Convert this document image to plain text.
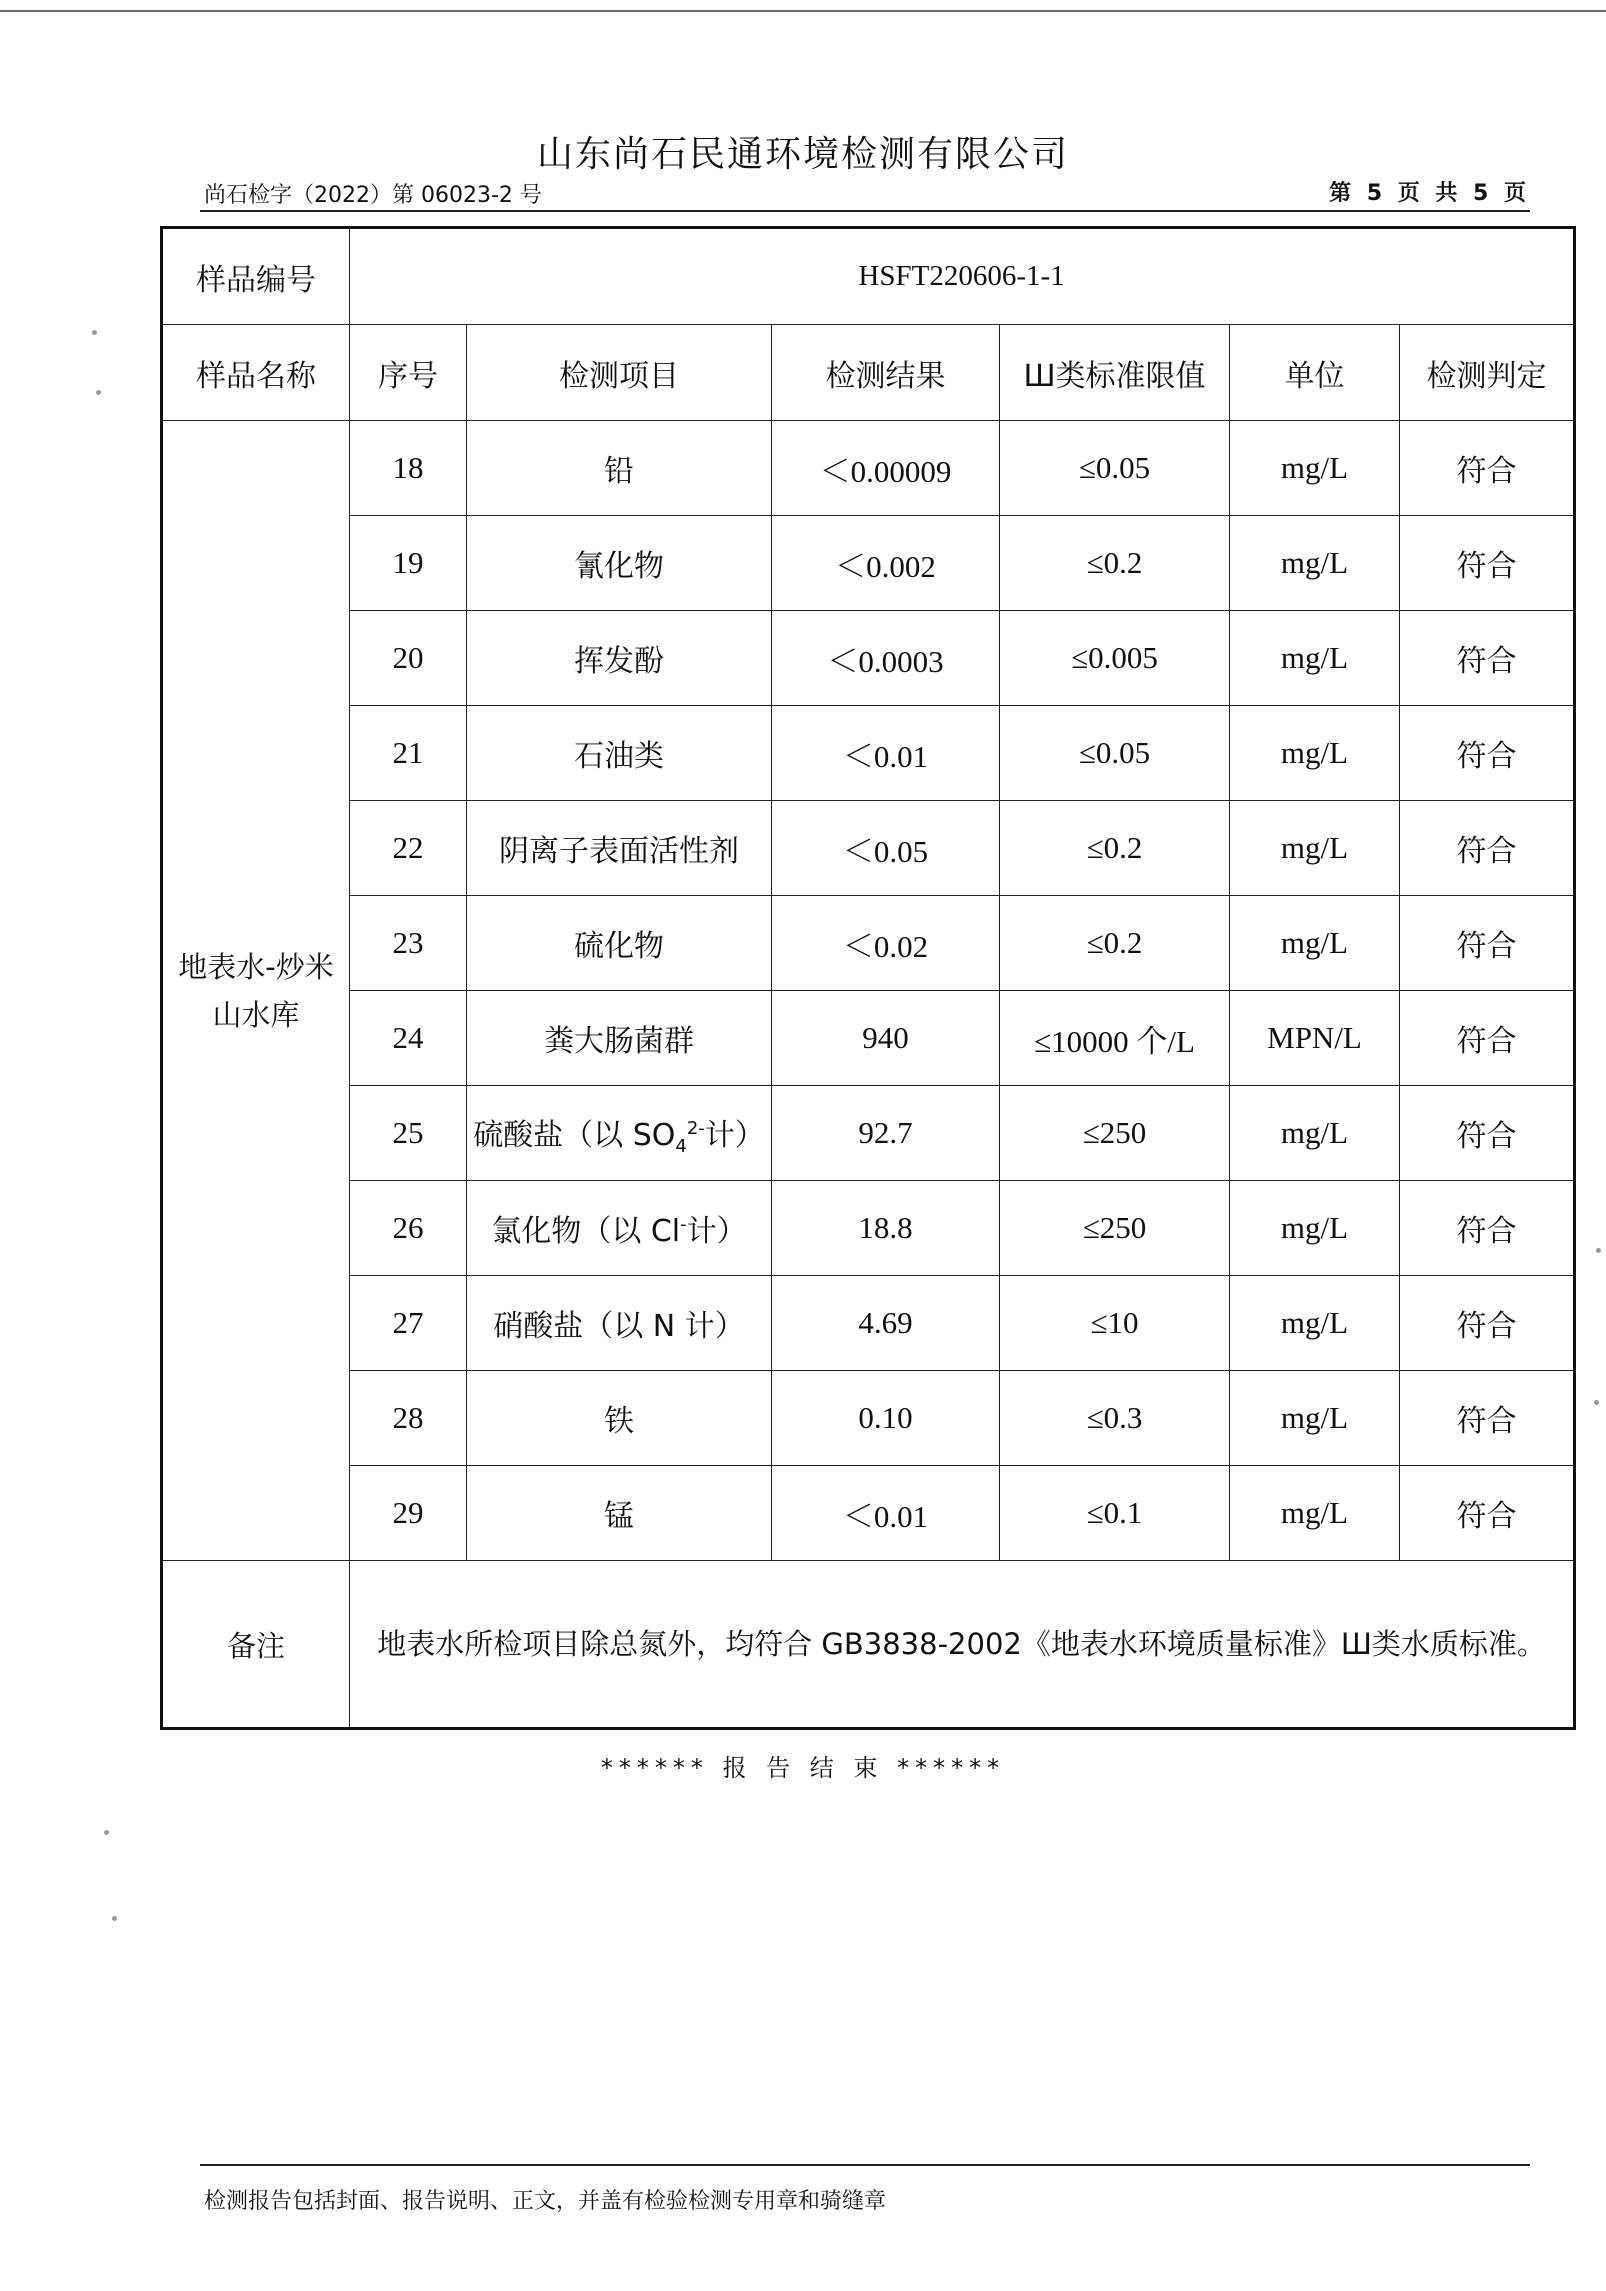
山东尚石民通环境检测有限公司
尚石检字（2022）第 06023-2 号	第 5 页 共 5 页
样品编号	HSFT220606-1-1					
样品名称	序号	检测项目	检测结果	Ш类标准限值	单位	检测判定
地表水-炒米山水库	18	铅	＜0.00009	≤0.05	mg/L	符合
	19	氰化物	＜0.002	≤0.2	mg/L	符合
	20	挥发酚	＜0.0003	≤0.005	mg/L	符合
	21	石油类	＜0.01	≤0.05	mg/L	符合
	22	阴离子表面活性剂	＜0.05	≤0.2	mg/L	符合
	23	硫化物	＜0.02	≤0.2	mg/L	符合
	24	粪大肠菌群	940	≤10000 个/L	MPN/L	符合
	25	硫酸盐（以 $SO_4^{2-}$计）	92.7	≤250	mg/L	符合
	26	氯化物（以 Cl-计）	18.8	≤250	mg/L	符合
	27	硝酸盐（以 N 计）	4.69	≤10	mg/L	符合
	28	铁	0.10	≤0.3	mg/L	符合
	29	锰	＜0.01	≤0.1	mg/L	符合
备注	地表水所检项目除总氮外，均符合 GB3838-2002《地表水环境质量标准》Ш类水质标准。					
****** 报 告 结 束 ******
检测报告包括封面、报告说明、正文，并盖有检验检测专用章和骑缝章
